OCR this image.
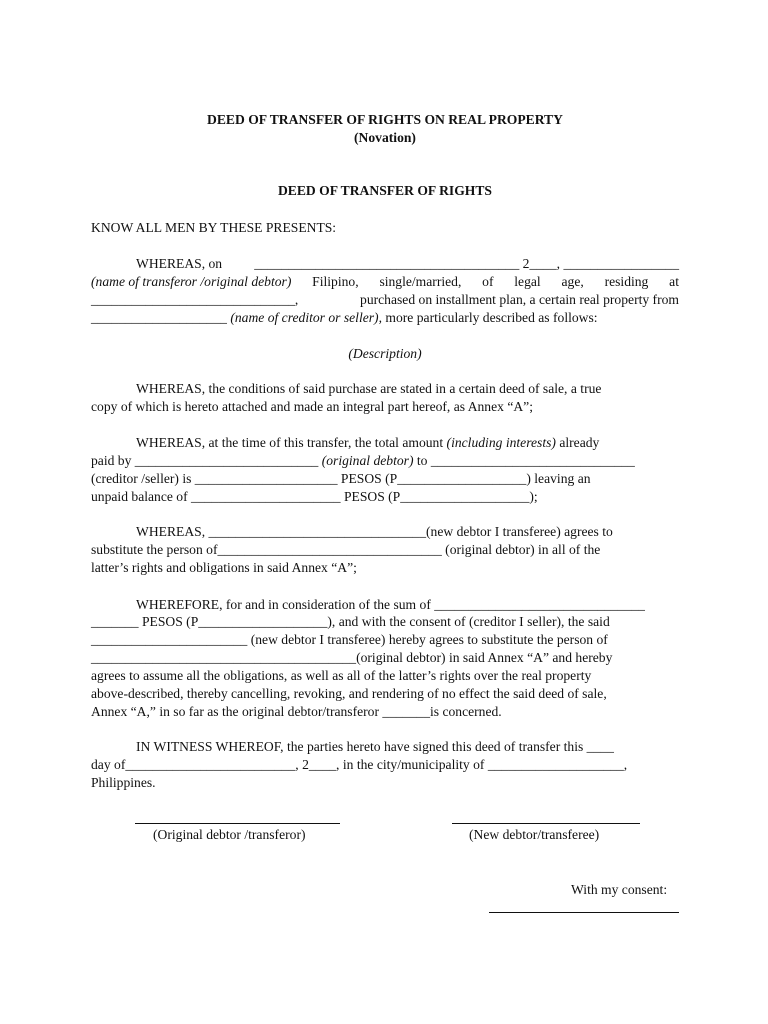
DEED OF TRANSFER OF RIGHTS ON REAL PROPERTY
(Novation)
DEED OF TRANSFER OF RIGHTS
KNOW ALL MEN BY THESE PRESENTS:
WHEREAS, on _______________________________________ 2____, _________________
(name of transferor /original debtor) Filipino, single/married, of legal age, residing at
______________________________,	purchased on installment plan, a certain real property from
____________________ (name of creditor or seller), more particularly described as follows:
(Description)
WHEREAS, the conditions of said purchase are stated in a certain deed of sale, a true
copy of which is hereto attached and made an integral part hereof, as Annex “A”;
WHEREAS, at the time of this transfer, the total amount (including interests) already
paid by ___________________________ (original debtor) to ______________________________
(creditor /seller) is _____________________ PESOS (P___________________) leaving an
unpaid balance of ______________________ PESOS (P___________________);
WHEREAS, ________________________________(new debtor I transferee) agrees to
substitute the person of_________________________________ (original debtor) in all of the
latter’s rights and obligations in said Annex “A”;
WHEREFORE, for and in consideration of the sum of _______________________________
_______ PESOS (P___________________), and with the consent of (creditor I seller), the said
_______________________ (new debtor I transferee) hereby agrees to substitute the person of
_______________________________________(original debtor) in said Annex “A” and hereby
agrees to assume all the obligations, as well as all of the latter’s rights over the real property
above-described, thereby cancelling, revoking, and rendering of no effect the said deed of sale,
Annex “A,” in so far as the original debtor/transferor _______is concerned.
IN WITNESS WHEREOF, the parties hereto have signed this deed of transfer this ____
day of_________________________, 2____, in the city/municipality of ____________________,
Philippines.
(Original debtor /transferor)	(New debtor/transferee)
With my consent:
